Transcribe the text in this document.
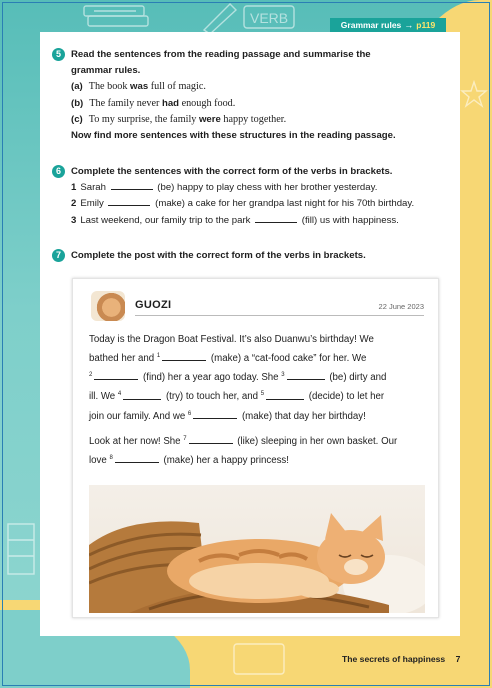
VERB	Grammar rules → p119
5	Read the sentences from the reading passage and summarise the
grammar rules.
(a) The book was full of magic.
(b) The family never had enough food.
(c) To my surprise, the family were happy together.
Now find more sentences with these structures in the reading passage.
6	Complete the sentences with the correct form of the verbs in brackets.
1 Sarah	(be) happy to play chess with her brother yesterday.
2 Emily	(make) a cake for her grandpa last night for his 70th birthday.
3 Last weekend, our family trip to the park	(fill) us with happiness.
7	Complete the post with the correct form of the verbs in brackets.
GUOZI	22 June 2023
Today is the Dragon Boat Festival. It’s also Duanwu’s birthday! We
bathed her and $^1$	(make) a “cat-food cake” for her. We
$^2$	(find) her a year ago today. She $^3$	(be) dirty and
ill. We $^4$	(try) to touch her, and $^5$	(decide) to let her
join our family. And we $^6$	(make) that day her birthday!
Look at her now! She $^7$	(like) sleeping in her own basket. Our
love $^8$	(make) her a happy princess!
The secrets of happiness 7
